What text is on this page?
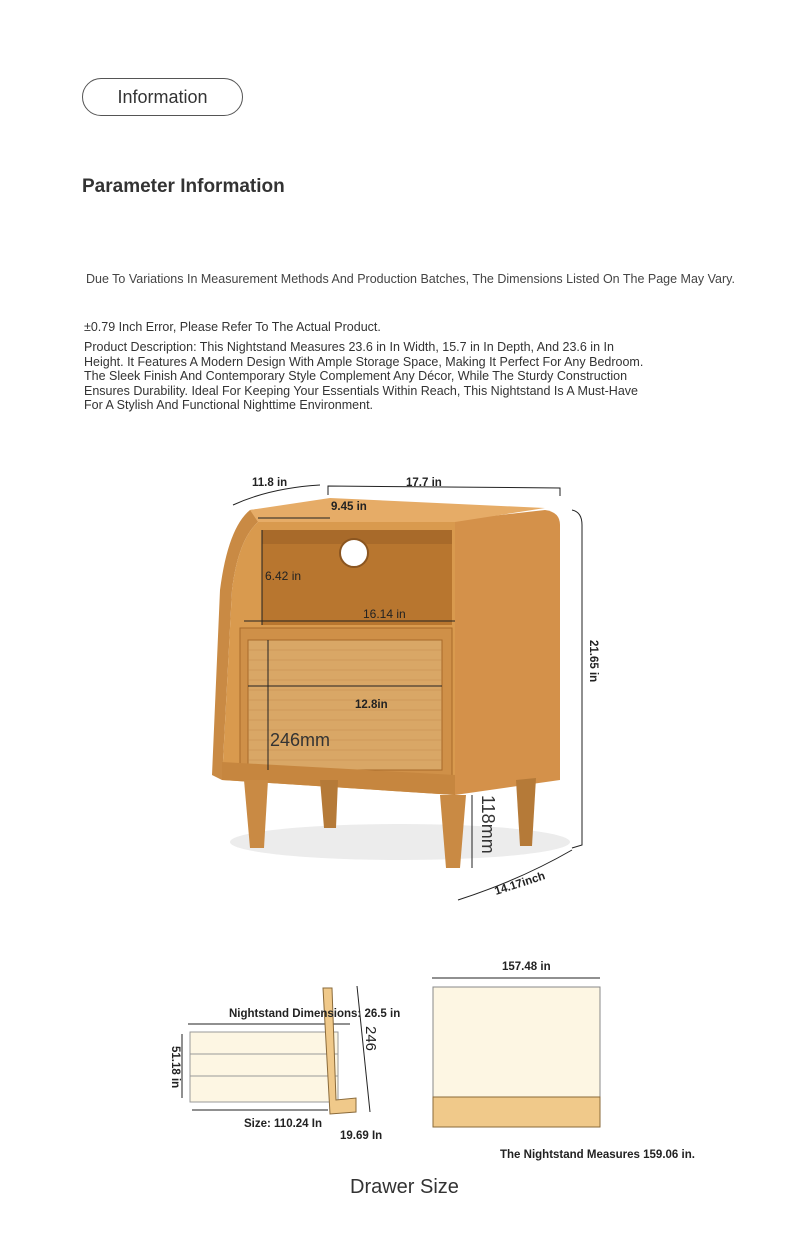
Information
Parameter Information
Due To Variations In Measurement Methods And Production Batches, The Dimensions Listed On The Page May Vary.
±0.79 Inch Error, Please Refer To The Actual Product.
Product Description: This Nightstand Measures 23.6 in In Width, 15.7 in In Depth, And 23.6 in In Height. It Features A Modern Design With Ample Storage Space, Making It Perfect For Any Bedroom. The Sleek Finish And Contemporary Style Complement Any Décor, While The Sturdy Construction Ensures Durability. Ideal For Keeping Your Essentials Within Reach, This Nightstand Is A Must-Have For A Stylish And Functional Nighttime Environment.
11.8 in	17.7 in
9.45 in
6.42 in
16.14 in
12.8in
246mm
21.65 in
118mm
14.17inch
Nightstand Dimensions: 26.5 in
51.18 in
246
Size: 110.24 In
19.69 In
157.48 in
The Nightstand Measures 159.06 in.
Drawer Size
